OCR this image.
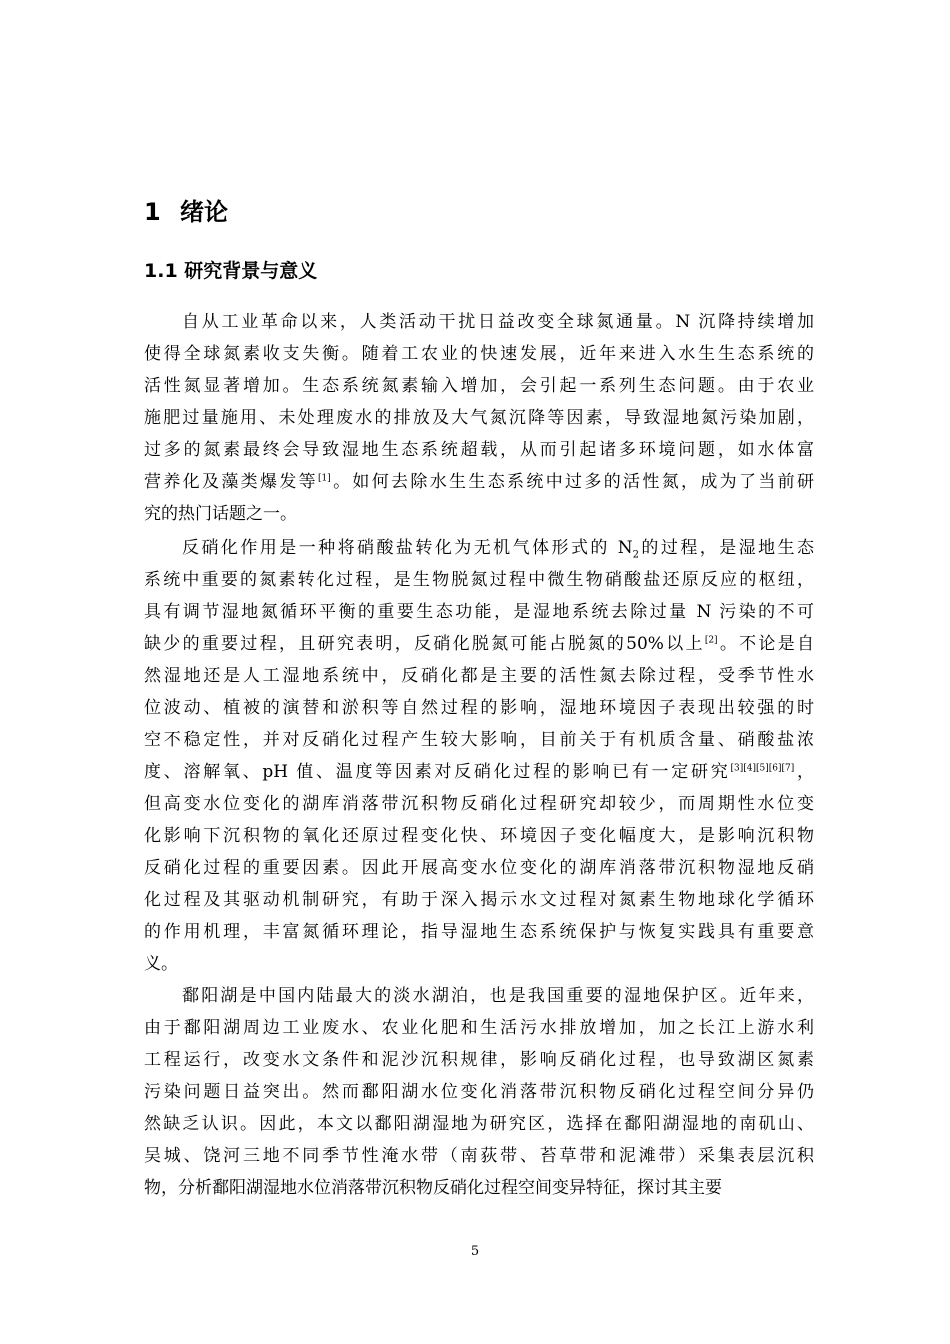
1 绪论
1.1 研究背景与意义
自从工业革命以来，人类活动干扰日益改变全球氮通量。N 沉降持续增加
使得全球氮素收支失衡。随着工农业的快速发展，近年来进入水生生态系统的
活性氮显著增加。生态系统氮素输入增加，会引起一系列生态问题。由于农业
施肥过量施用、未处理废水的排放及大气氮沉降等因素，导致湿地氮污染加剧，
过多的氮素最终会导致湿地生态系统超载，从而引起诸多环境问题，如水体富
营养化及藻类爆发等[1]。如何去除水生生态系统中过多的活性氮，成为了当前研
究的热门话题之一。
反硝化作用是一种将硝酸盐转化为无机气体形式的 $N_2$的过程，是湿地生态
系统中重要的氮素转化过程，是生物脱氮过程中微生物硝酸盐还原反应的枢纽，
具有调节湿地氮循环平衡的重要生态功能，是湿地系统去除过量 N 污染的不可
缺少的重要过程，且研究表明，反硝化脱氮可能占脱氮的50%以上[2]。不论是自
然湿地还是人工湿地系统中，反硝化都是主要的活性氮去除过程，受季节性水
位波动、植被的演替和淤积等自然过程的影响，湿地环境因子表现出较强的时
空不稳定性，并对反硝化过程产生较大影响，目前关于有机质含量、硝酸盐浓
度、溶解氧、pH 值、温度等因素对反硝化过程的影响已有一定研究[3][4][5][6][7]，
但高变水位变化的湖库消落带沉积物反硝化过程研究却较少，而周期性水位变
化影响下沉积物的氧化还原过程变化快、环境因子变化幅度大，是影响沉积物
反硝化过程的重要因素。因此开展高变水位变化的湖库消落带沉积物湿地反硝
化过程及其驱动机制研究，有助于深入揭示水文过程对氮素生物地球化学循环
的作用机理，丰富氮循环理论，指导湿地生态系统保护与恢复实践具有重要意
义。
鄱阳湖是中国内陆最大的淡水湖泊，也是我国重要的湿地保护区。近年来，
由于鄱阳湖周边工业废水、农业化肥和生活污水排放增加，加之长江上游水利
工程运行，改变水文条件和泥沙沉积规律，影响反硝化过程，也导致湖区氮素
污染问题日益突出。然而鄱阳湖水位变化消落带沉积物反硝化过程空间分异仍
然缺乏认识。因此，本文以鄱阳湖湿地为研究区，选择在鄱阳湖湿地的南矶山、
吴城、饶河三地不同季节性淹水带（南荻带、苔草带和泥滩带）采集表层沉积
物，分析鄱阳湖湿地水位消落带沉积物反硝化过程空间变异特征，探讨其主要
5
